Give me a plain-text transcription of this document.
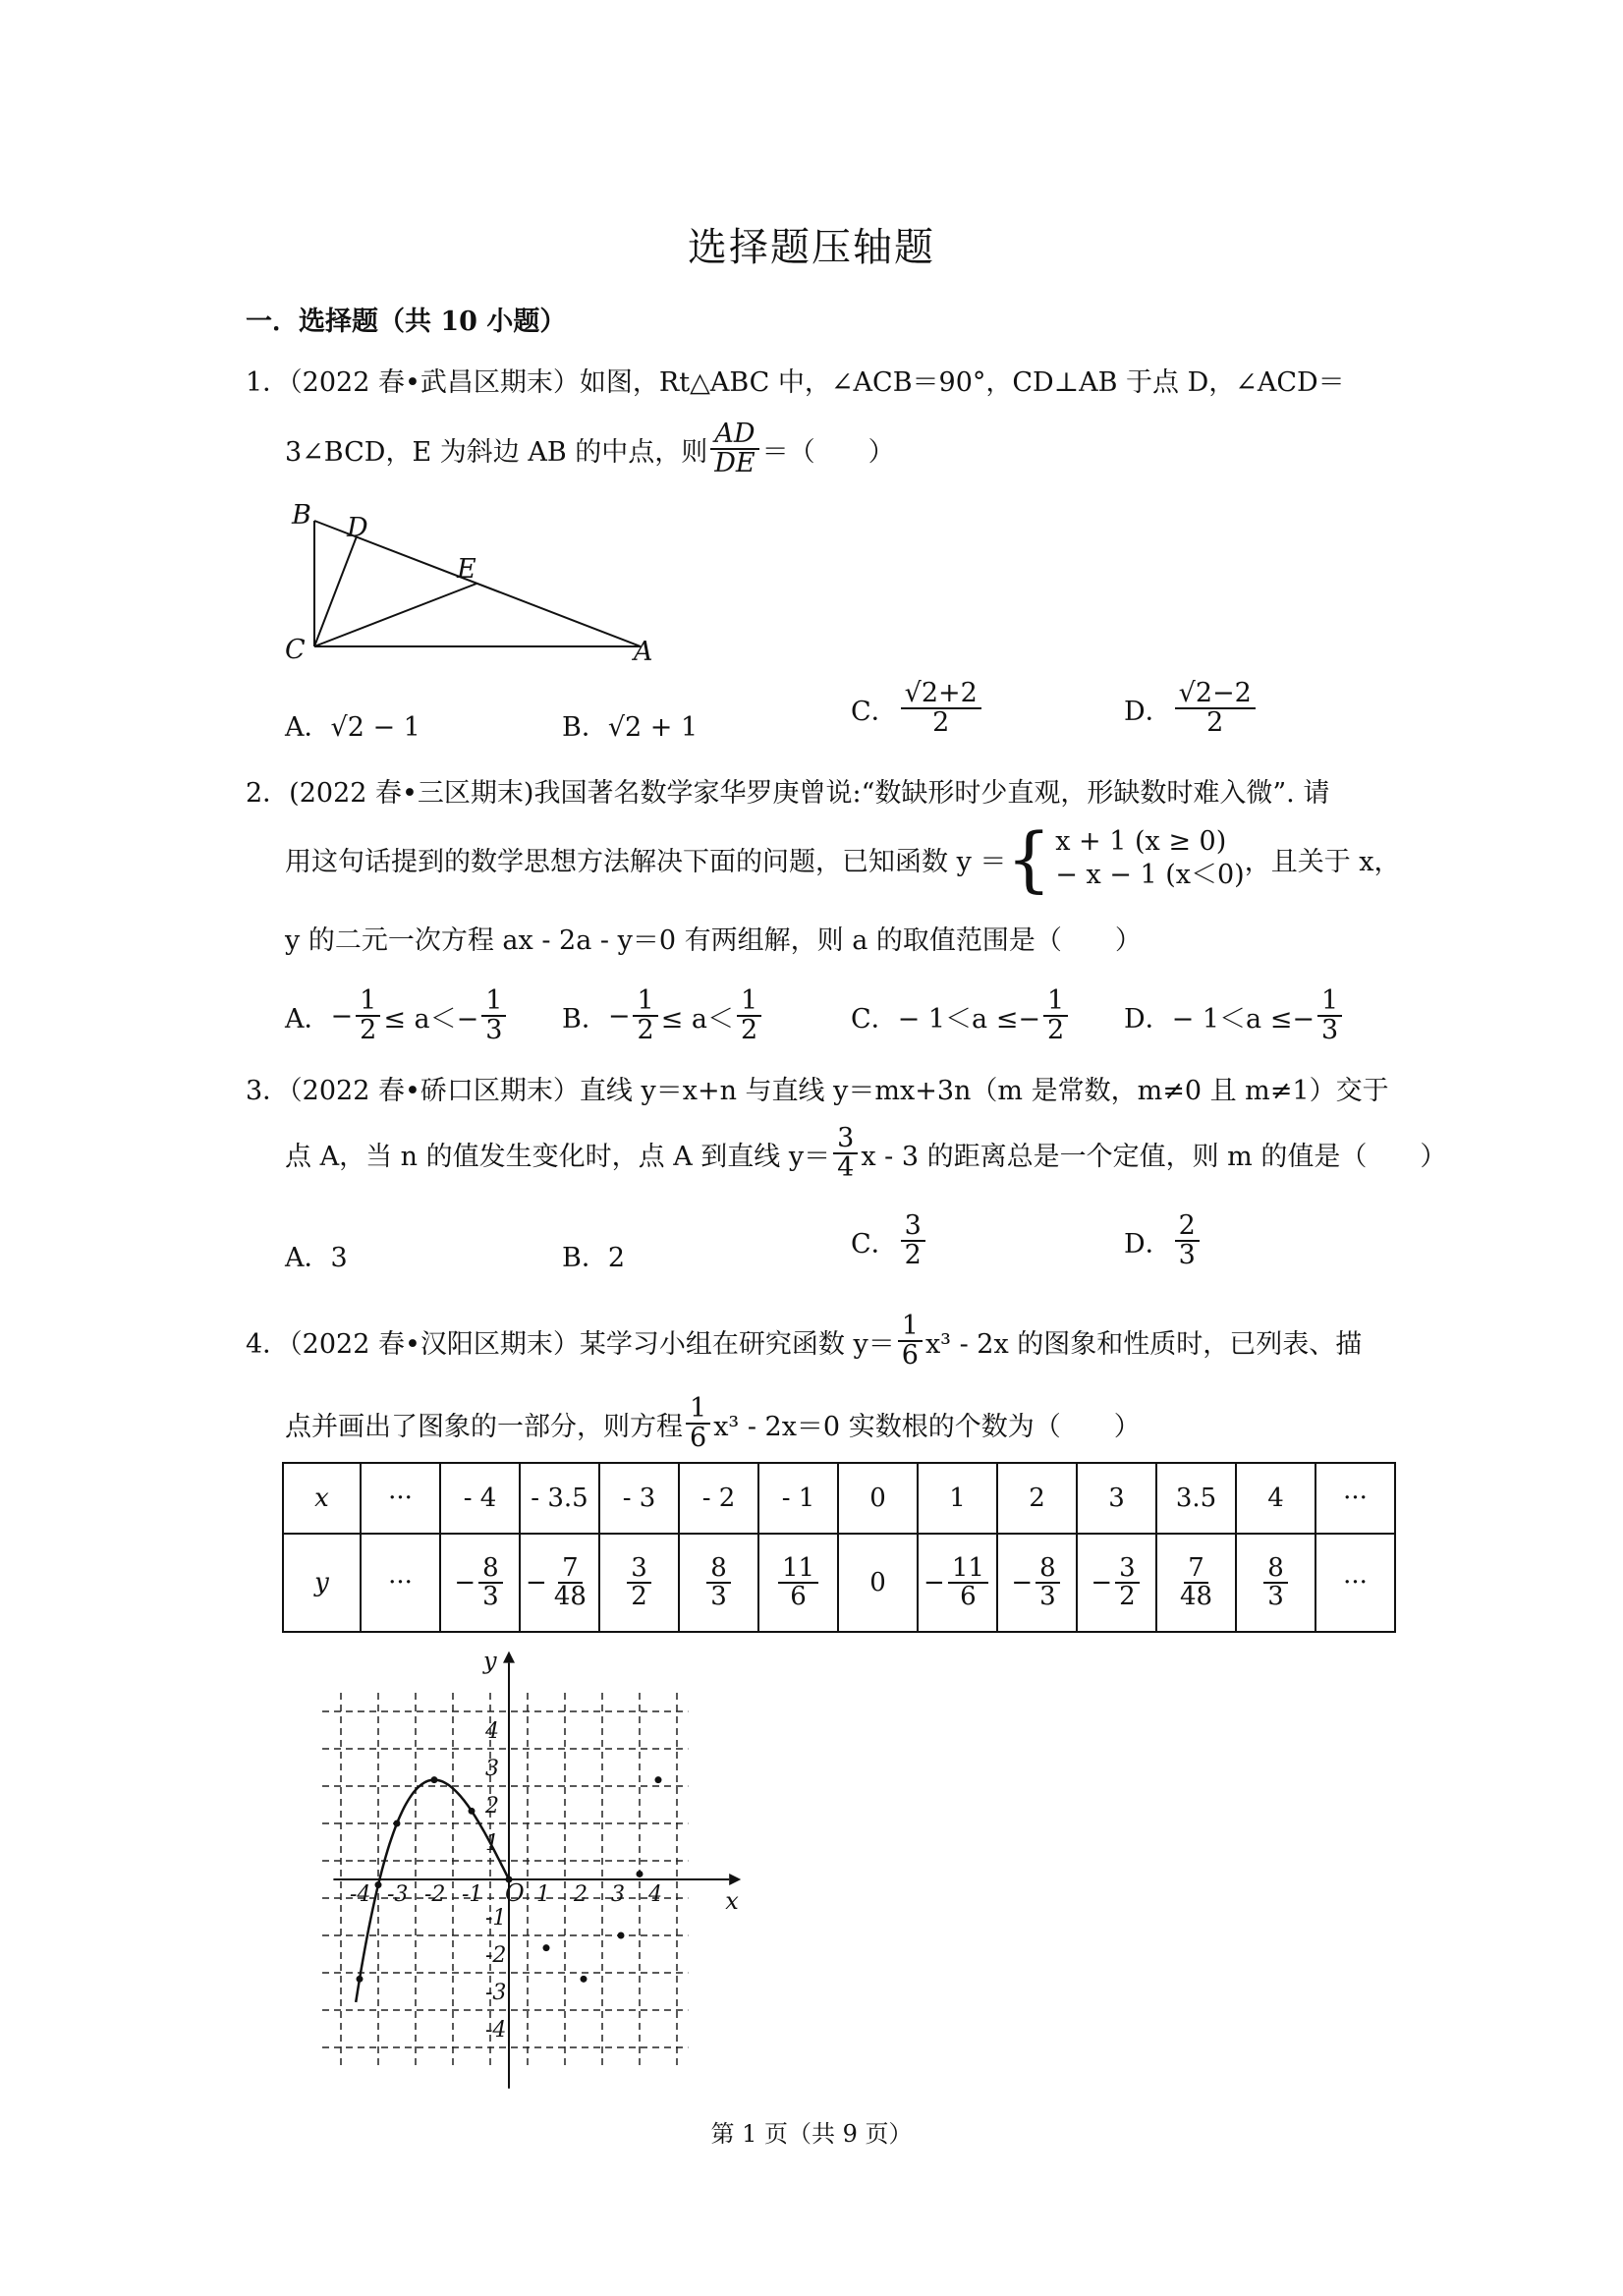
选择题压轴题
一．选择题（共 10 小题）
1．（2022 春•武昌区期末）如图，Rt△ABC 中，∠ACB＝90°，CD⊥AB 于点 D，∠ACD＝
3∠BCD，E 为斜边 AB 的中点，则 $\frac{AD}{DE}$ ＝（　　）
B D
E
C	A
A．√2 − 1	B．√2 + 1
C． $\frac{√2+2}{2}$	D． $\frac{√2-2}{2}$
2．(2022 春•三区期末)我国著名数学家华罗庚曾说:“数缺形时少直观，形缺数时难入微”. 请
用这句话提到的数学思想方法解决下面的问题，已知函数 y ＝ { x + 1 (x ≥ 0)
− x − 1 (x＜0) ，且关于 x，
y 的二元一次方程 ax - 2a - y＝0 有两组解，则 a 的取值范围是（　　）
A． − $\frac{1}{2} \le a<- \frac{1}{3}$ B． − $\frac{1}{2} \le a< \frac{1}{2}$	C． − $1<a \le- \frac{1}{2}$ D． − $1<a \le- \frac{1}{3}$
3．（2022 春•硚口区期末）直线 y＝x+n 与直线 y＝mx+3n（m 是常数，m≠0 且 m≠1）交于
点 A，当 n 的值发生变化时，点 A 到直线 $y= \frac{3}{4}$ x - 3 的距离总是一个定值，则 m 的值是（　　）
A．3	B．2	C． $\frac{3}{2}$	D． $\frac{2}{3}$
4．（2022 春•汉阳区期末）某学习小组在研究函数 $y= \frac{1}{6} x^3 - 2x$ 的图象和性质时，已列表、描
点并画出了图象的一部分，则方程 $\frac{1}{6} x^3 - 2x=0$ 实数根的个数为（　　）
x	···	- 4	- 3.5	- 3	- 2	- 1	0	1	2	3	3.5	4	···
y	···	− $\frac{8}{3}$	− $\frac{7}{48}$	$\frac{3}{2}$	$\frac{8}{3}$	$\frac{11}{6}$	0	− $\frac{11}{6}$	− $\frac{8}{3}$	− $\frac{3}{2}$	$\frac{7}{48}$	$\frac{8}{3}$	···
-4 -3 -2 -1 1 2 3 4
4
3
2
1
-1
-2
-3
-4
O	x
y
第 1 页（共 9 页）
